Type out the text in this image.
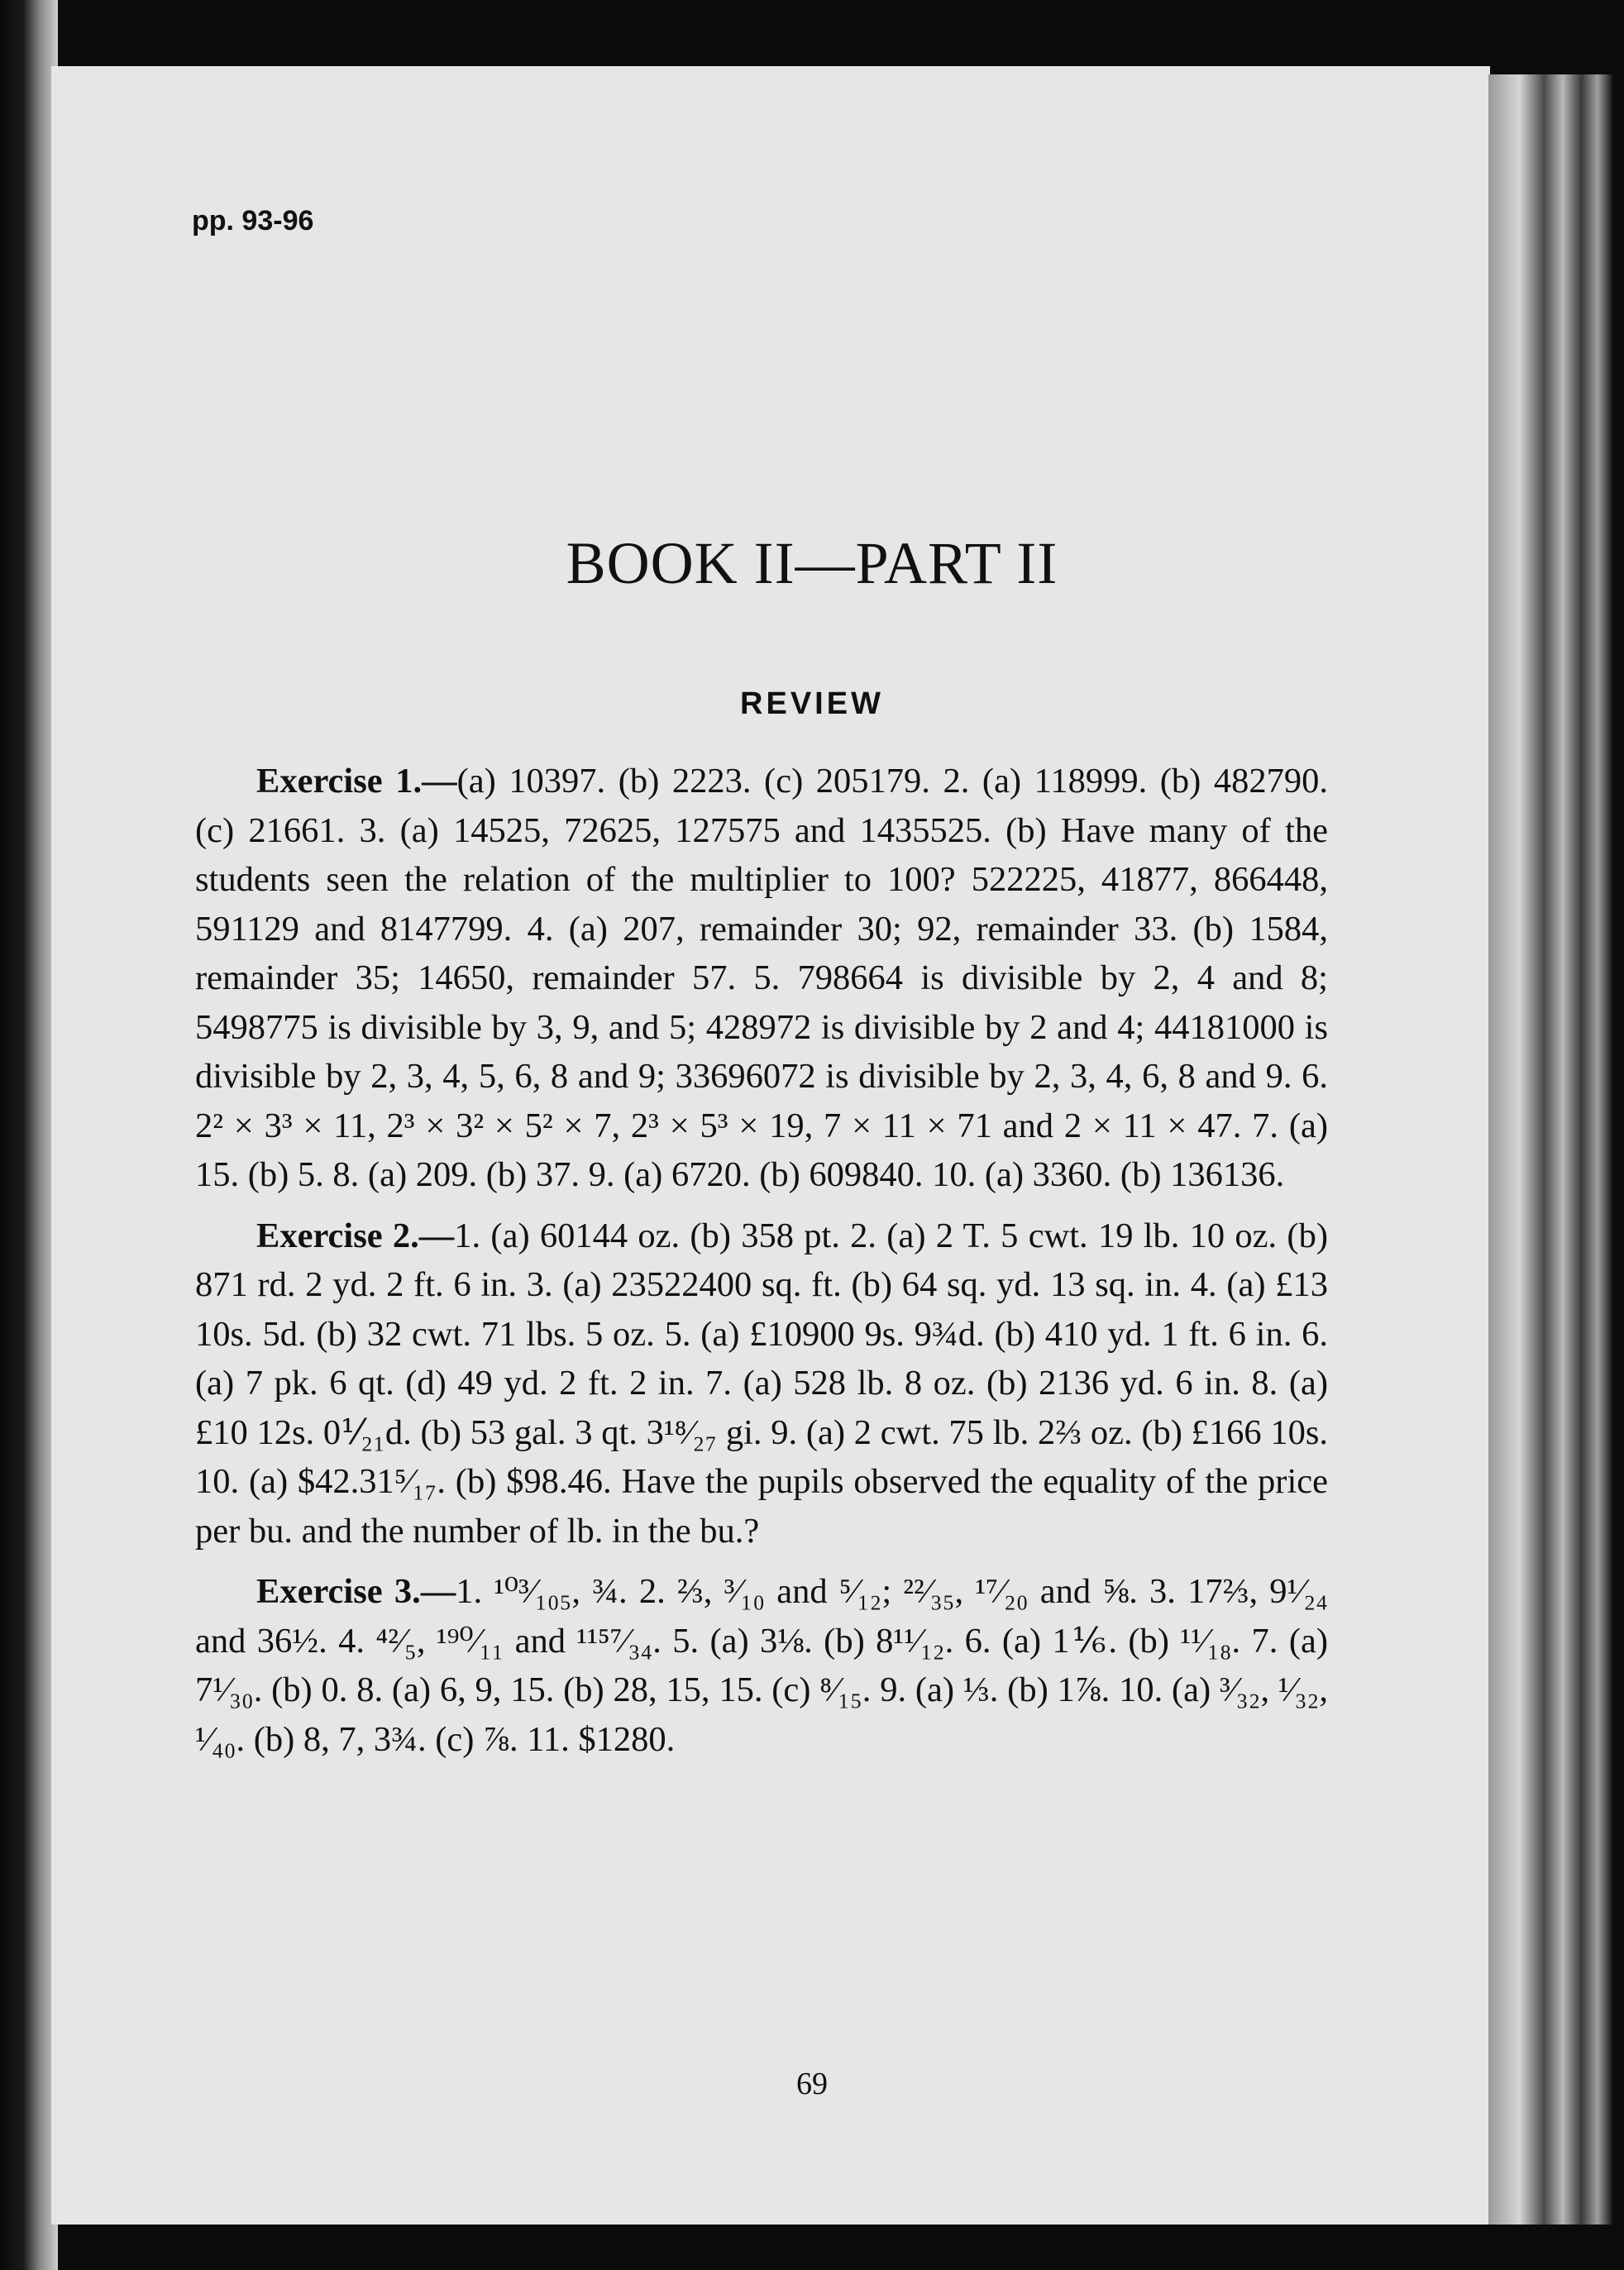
pp. 93-96
BOOK II—PART II
REVIEW

Exercise 1.—(a) 10397. (b) 2223. (c) 205179. 2. (a) 118999. (b) 482790. (c) 21661. 3. (a) 14525, 72625, 127575 and 1435525. (b) Have many of the students seen the relation of the multiplier to 100? 522225, 41877, 866448, 591129 and 8147799. 4. (a) 207, remainder 30; 92, remainder 33. (b) 1584, remainder 35; 14650, remainder 57. 5. 798664 is divisible by 2, 4 and 8; 5498775 is divisible by 3, 9, and 5; 428972 is divisible by 2 and 4; 44181000 is divisible by 2, 3, 4, 5, 6, 8 and 9; 33696072 is divisible by 2, 3, 4, 6, 8 and 9. 6. 2² × 3³ × 11, 2³ × 3² × 5² × 7, 2³ × 5³ × 19, 7 × 11 × 71 and 2 × 11 × 47. 7. (a) 15. (b) 5. 8. (a) 209. (b) 37. 9. (a) 6720. (b) 609840. 10. (a) 3360. (b) 136136.

Exercise 2.—1. (a) 60144 oz. (b) 358 pt. 2. (a) 2 T. 5 cwt. 19 lb. 10 oz. (b) 871 rd. 2 yd. 2 ft. 6 in. 3. (a) 23522400 sq. ft. (b) 64 sq. yd. 13 sq. in. 4. (a) £13 10s. 5d. (b) 32 cwt. 71 lbs. 5 oz. 5. (a) £10900 9s. 9¾d. (b) 410 yd. 1 ft. 6 in. 6. (a) 7 pk. 6 qt. (d) 49 yd. 2 ft. 2 in. 7. (a) 528 lb. 8 oz. (b) 2136 yd. 6 in. 8. (a) £10 12s. 0⅟₂₁d. (b) 53 gal. 3 qt. 3¹⁸⁄₂₇ gi. 9. (a) 2 cwt. 75 lb. 2⅔ oz. (b) £166 10s. 10. (a) $42.31⁵⁄₁₇. (b) $98.46. Have the pupils observed the equality of the price per bu. and the number of lb. in the bu.?

Exercise 3.—1. ¹⁰³⁄₁₀₅, ¾. 2. ⅔, ³⁄₁₀ and ⁵⁄₁₂; ²²⁄₃₅, ¹⁷⁄₂₀ and ⅝. 3. 17⅔, 9¹⁄₂₄ and 36½. 4. ⁴²⁄₅, ¹⁹⁰⁄₁₁ and ¹¹⁵⁷⁄₃₄. 5. (a) 3⅛. (b) 8¹¹⁄₁₂. 6. (a) 1⅙. (b) ¹¹⁄₁₈. 7. (a) 7¹⁄₃₀. (b) 0. 8. (a) 6, 9, 15. (b) 28, 15, 15. (c) ⁸⁄₁₅. 9. (a) ⅓. (b) 1⅞. 10. (a) ³⁄₃₂, ¹⁄₃₂, ¹⁄₄₀. (b) 8, 7, 3¾. (c) ⅞. 11. $1280.

69
